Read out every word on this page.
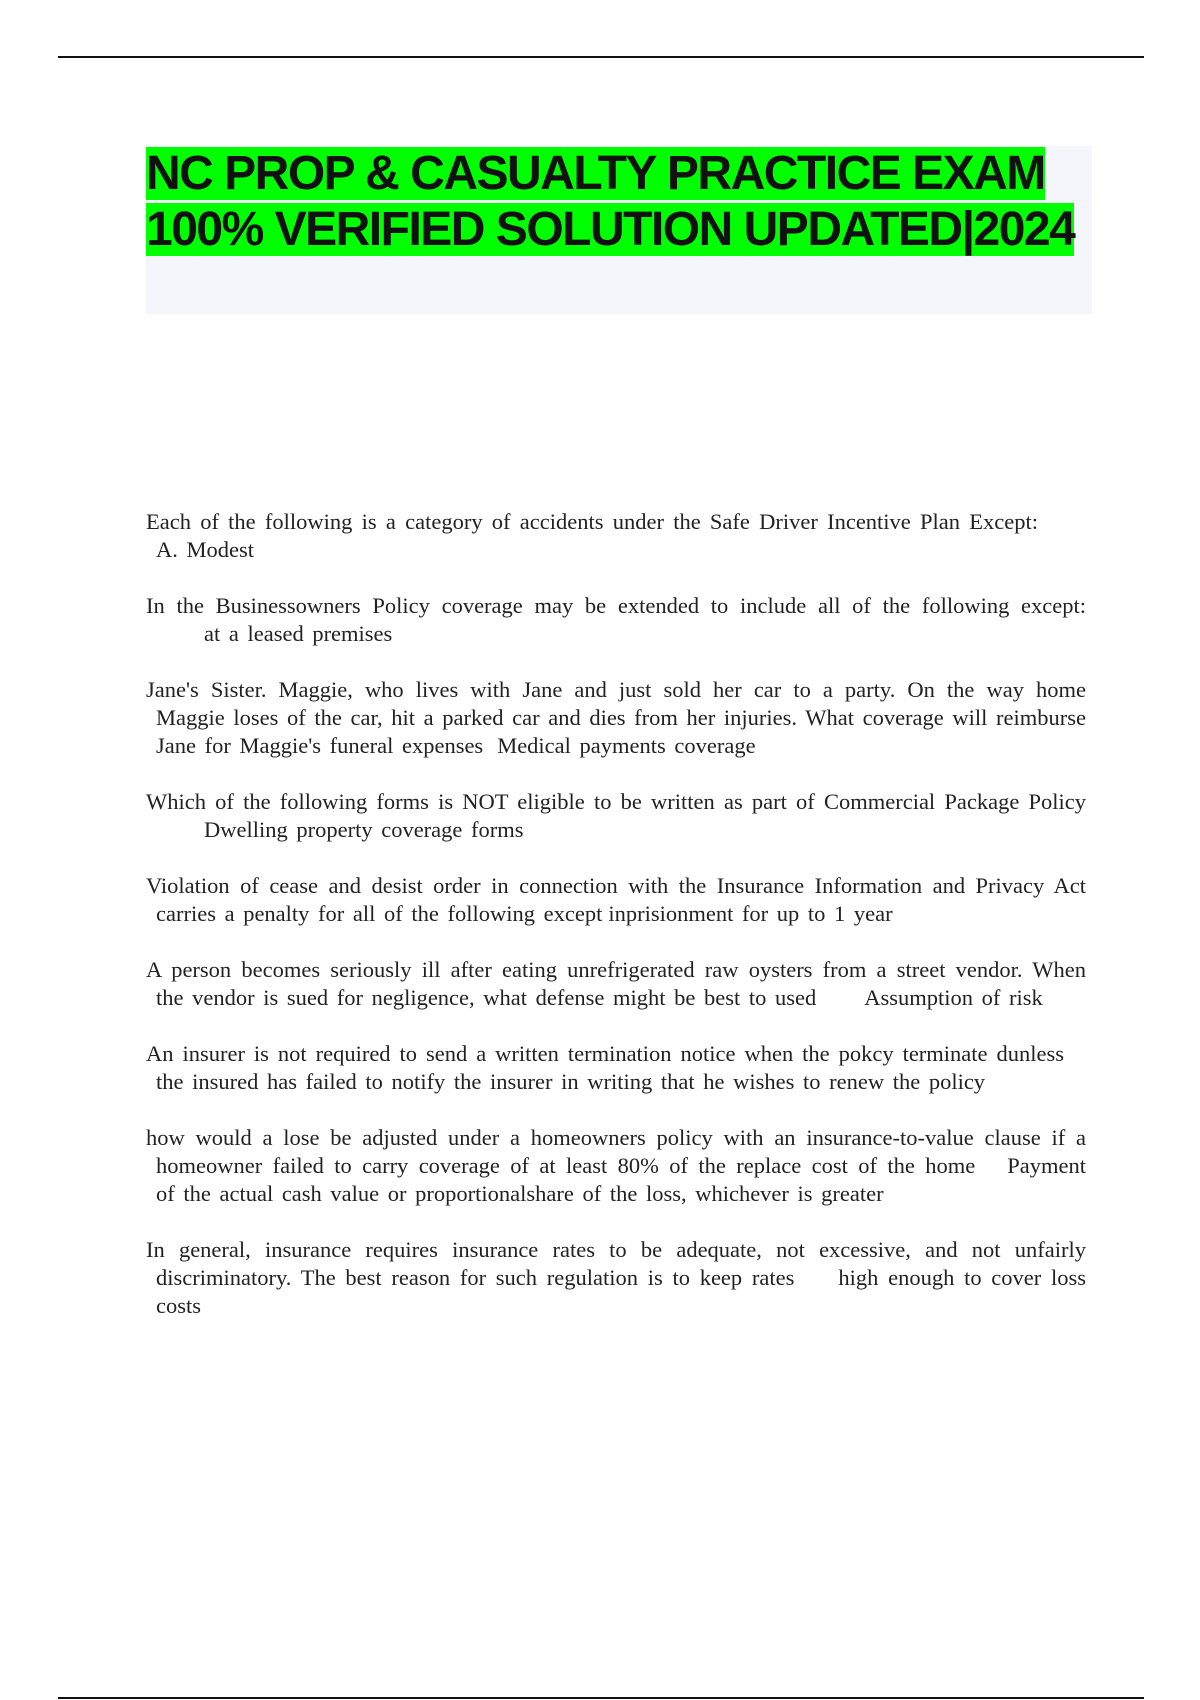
NC PROP & CASUALTY PRACTICE EXAM 100% VERIFIED SOLUTION UPDATED|2024

Each of the following is a category of accidents under the Safe Driver Incentive Plan Except:A. Modest

In the Businessowners Policy coverage may be extended to include all of the following except:at a leased premises

Jane's Sister. Maggie, who lives with Jane and just sold her car to a party. On the way home Maggie loses of the car, hit a parked car and dies from her injuries. What coverage will reimburse Jane for Maggie's funeral expenses Medical payments coverage

Which of the following forms is NOT eligible to be written as part of Commercial Package PolicyDwelling property coverage forms

Violation of cease and desist order in connection with the Insurance Information and Privacy Act carries a penalty for all of the following except inprisionment for up to 1 year

A person becomes seriously ill after eating unrefrigerated raw oysters from a street vendor. When the vendor is sued for negligence, what defense might be best to used Assumption of risk

An insurer is not required to send a written termination notice when the pokcy terminate dunlessthe insured has failed to notify the insurer in writing that he wishes to renew the policy

how would a lose be adjusted under a homeowners policy with an insurance-to-value clause if a homeowner failed to carry coverage of at least 80% of the replace cost of the home Payment of the actual cash value or proportionalshare of the loss, whichever is greater

In general, insurance requires insurance rates to be adequate, not excessive, and not unfairly discriminatory. The best reason for such regulation is to keep rates high enough to cover loss costs
